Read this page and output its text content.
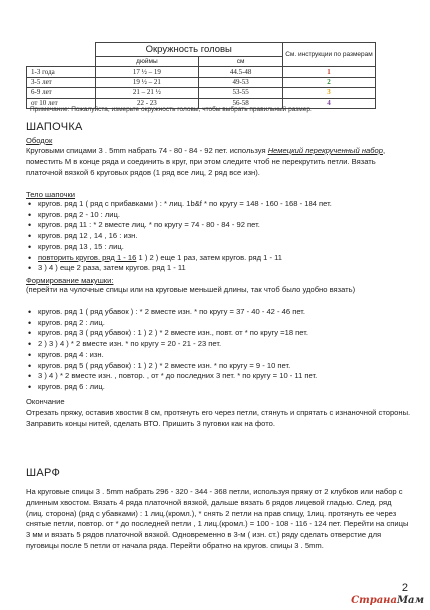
	Окружность головы		См. инструкции по размерам
	дюймы	см	
1-3 года	17 ½ – 19	44.5-48	1
3-5 лет	19 ½ – 21	49-53	2
6-9 лет	21 – 21 ½	53-55	3
от 10 лет	22 - 23	56-58	4
Примечание: Пожалуйста, измерьте окружность головы, чтобы выбрать правильный размер.
ШАПОЧКА
Ободок
Круговыми спицами 3 . 5mm набрать 74 - 80 - 84 - 92 пет. используя Немецкий перекрученный набор, поместить М в конце ряда и соединить в круг, при этом следите чтоб не перекрутить петли. Вязать платочной вязкой 6 круговых рядов (1 ряд все лиц, 2 ряд все изн).
Тело шапочки
• кругов. ряд 1 ( ряд с прибавками ) : * лиц. 1b&f * по кругу = 148 - 160 - 168 - 184 пет.
• кругов. ряд 2 - 10 : лиц.
• кругов. ряд 11 : * 2 вместе лиц. * по кругу = 74 - 80 - 84 - 92 пет.
• кругов. ряд 12 , 14 , 16 : изн.
• кругов. ряд 13 , 15 : лиц.
• повторить кругов. ряд 1 - 16 1 ) 2 ) еще 1 раз, затем кругов. ряд 1 - 11
• 3 ) 4 ) еще 2 раза, затем кругов. ряд 1 - 11
Формирование макушки:
(перейти на чулочные спицы или на круговые меньшей длины, так чтоб было удобно вязать)
• кругов. ряд 1 ( ряд убавок ) : * 2 вместе изн. * по кругу = 37 - 40 - 42 - 46 пет.
• кругов. ряд 2 : лиц.
• кругов. ряд 3 ( ряд убавок) : 1 ) 2 ) * 2 вместе изн., повт. от * по кругу =18 пет.
• 2 ) 3 ) 4 ) * 2 вместе изн. * по кругу = 20 - 21 - 23 пет.
• кругов. ряд 4 : изн.
• кругов. ряд 5 ( ряд убавок) : 1 ) 2 ) * 2 вместе изн. * по кругу = 9 - 10 пет.
• 3 ) 4 ) * 2 вместе изн. , повтор. , от * до последних 3 пет. * по кругу = 10 - 11 пет.
• кругов. ряд 6 : лиц.
Окончание
Отрезать пряжу, оставив хвостик 8 см, протянуть его через петли, стянуть и спрятать с изнаночной стороны. Заправить концы нитей, сделать ВТО. Пришить 3 пуговки как на фото.
ШАРФ
На круговые спицы 3 . 5mm набрать 296 - 320 - 344 - 368 петли, используя пряжу от 2 клубков или набор с длинным хвостом. Вязать 4 ряда платочной вязкой, дальше вязать 6 рядов лицевой гладью. След. ряд (лиц. сторона) (ряд с убавками) : 1 лиц.(кромл.), * снять 2 петли на прав спицу, 1лиц. протянуть ее через снятые петли, повтор. от * до последней петли , 1 лиц.(кромл.) = 100 - 108 - 116 - 124 пет. Перейти на спицы 3 мм и вязать 5 рядов платочной вязкой. Одновременно в 3-м ( изн. ст.) ряду сделать отверстие для пуговицы после 5 петли от начала ряда. Перейти обратно на кругов. спицы 3 . 5mm.
2
СтранаМам
